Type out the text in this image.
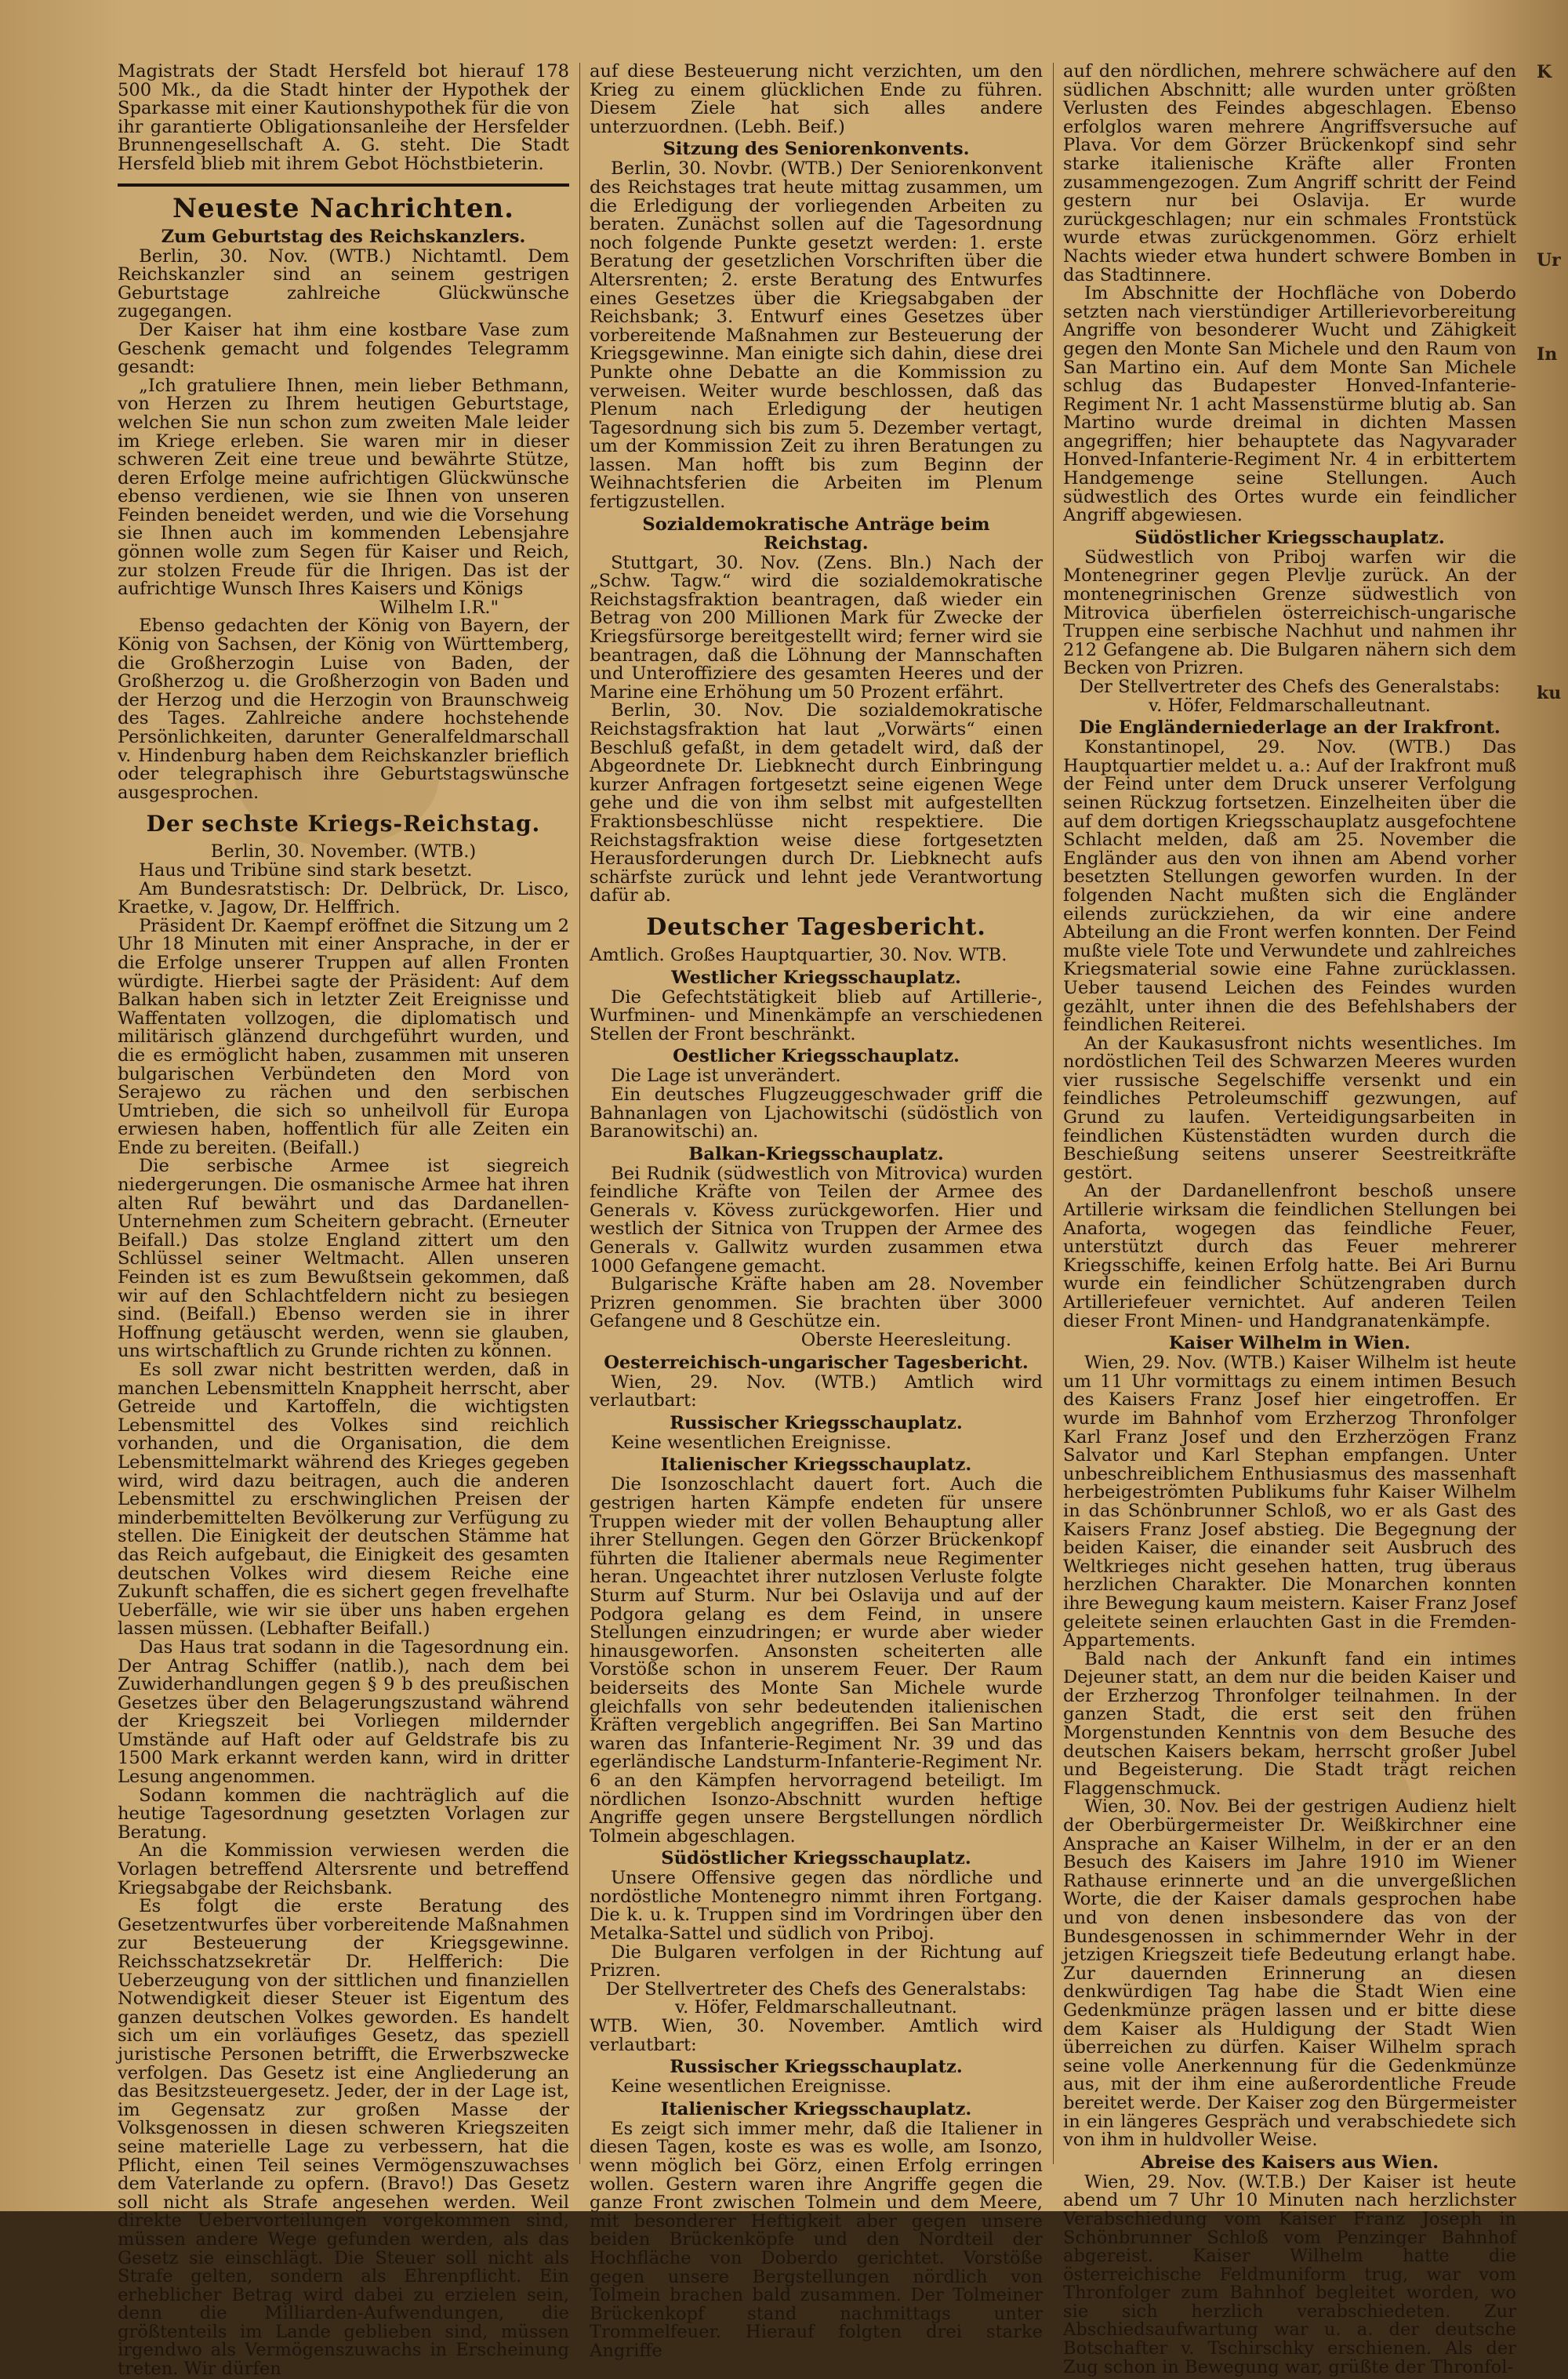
Magistrats der Stadt Hersfeld bot hierauf 178 500 Mk., da die Stadt hinter der Hypothek der Sparkasse mit einer Kautionshypothek für die von ihr garantierte Obligationsanleihe der Hersfelder Brunnengesellschaft A. G. steht. Die Stadt Hersfeld blieb mit ihrem Gebot Höchstbieterin.

Neueste Nachrichten.
Zum Geburtstag des Reichskanzlers.

Berlin, 30. Nov. (WTB.) Nichtamtl. Dem Reichskanzler sind an seinem gestrigen Geburtstage zahlreiche Glückwünsche zugegangen.

Der Kaiser hat ihm eine kostbare Vase zum Geschenk gemacht und folgendes Telegramm gesandt:

„Ich gratuliere Ihnen, mein lieber Bethmann, von Herzen zu Ihrem heutigen Geburtstage, welchen Sie nun schon zum zweiten Male leider im Kriege erleben. Sie waren mir in dieser schweren Zeit eine treue und bewährte Stütze, deren Erfolge meine aufrichtigen Glückwünsche ebenso verdienen, wie sie Ihnen von unseren Feinden beneidet werden, und wie die Vorsehung sie Ihnen auch im kommenden Lebensjahre gönnen wolle zum Segen für Kaiser und Reich, zur stolzen Freude für die Ihrigen. Das ist der aufrichtige Wunsch Ihres Kaisers und Königs

Wilhelm I.R."

Ebenso gedachten der König von Bayern, der König von Sachsen, der König von Württemberg, die Großherzogin Luise von Baden, der Großherzog u. die Großherzogin von Baden und der Herzog und die Herzogin von Braunschweig des Tages. Zahlreiche andere hochstehende Persönlichkeiten, darunter Generalfeldmarschall v. Hindenburg haben dem Reichskanzler brieflich oder telegraphisch ihre Geburtstagswünsche ausgesprochen.

Der sechste Kriegs-Reichstag.

Berlin, 30. November. (WTB.)

Haus und Tribüne sind stark besetzt.

Am Bundesratstisch: Dr. Delbrück, Dr. Lisco, Kraetke, v. Jagow, Dr. Helffrich.

Präsident Dr. Kaempf eröffnet die Sitzung um 2 Uhr 18 Minuten mit einer Ansprache, in der er die Erfolge unserer Truppen auf allen Fronten würdigte. Hierbei sagte der Präsident: Auf dem Balkan haben sich in letzter Zeit Ereignisse und Waffentaten vollzogen, die diplomatisch und militärisch glänzend durchgeführt wurden, und die es ermöglicht haben, zusammen mit unseren bulgarischen Verbündeten den Mord von Serajewo zu rächen und den serbischen Umtrieben, die sich so unheilvoll für Europa erwiesen haben, hoffentlich für alle Zeiten ein Ende zu bereiten. (Beifall.)

Die serbische Armee ist siegreich niedergerungen. Die osmanische Armee hat ihren alten Ruf bewährt und das Dardanellen-Unternehmen zum Scheitern gebracht. (Erneuter Beifall.) Das stolze England zittert um den Schlüssel seiner Weltmacht. Allen unseren Feinden ist es zum Bewußtsein gekommen, daß wir auf den Schlachtfeldern nicht zu besiegen sind. (Beifall.) Ebenso werden sie in ihrer Hoffnung getäuscht werden, wenn sie glauben, uns wirtschaftlich zu Grunde richten zu können.

Es soll zwar nicht bestritten werden, daß in manchen Lebensmitteln Knappheit herrscht, aber Getreide und Kartoffeln, die wichtigsten Lebensmittel des Volkes sind reichlich vorhanden, und die Organisation, die dem Lebensmittelmarkt während des Krieges gegeben wird, wird dazu beitragen, auch die anderen Lebensmittel zu erschwinglichen Preisen der minderbemittelten Bevölkerung zur Verfügung zu stellen. Die Einigkeit der deutschen Stämme hat das Reich aufgebaut, die Einigkeit des gesamten deutschen Volkes wird diesem Reiche eine Zukunft schaffen, die es sichert gegen frevelhafte Ueberfälle, wie wir sie über uns haben ergehen lassen müssen. (Lebhafter Beifall.)

Das Haus trat sodann in die Tagesordnung ein. Der Antrag Schiffer (natlib.), nach dem bei Zuwiderhandlungen gegen § 9 b des preußischen Gesetzes über den Belagerungszustand während der Kriegszeit bei Vorliegen mildernder Umstände auf Haft oder auf Geldstrafe bis zu 1500 Mark erkannt werden kann, wird in dritter Lesung angenommen.

Sodann kommen die nachträglich auf die heutige Tagesordnung gesetzten Vorlagen zur Beratung.

An die Kommission verwiesen werden die Vorlagen betreffend Altersrente und betreffend Kriegsabgabe der Reichsbank.

Es folgt die erste Beratung des Gesetzentwurfes über vorbereitende Maßnahmen zur Besteuerung der Kriegsgewinne. Reichsschatzsekretär Dr. Helfferich: Die Ueberzeugung von der sittlichen und finanziellen Notwendigkeit dieser Steuer ist Eigentum des ganzen deutschen Volkes geworden. Es handelt sich um ein vorläufiges Gesetz, das speziell juristische Personen betrifft, die Erwerbszwecke verfolgen. Das Gesetz ist eine Angliederung an das Besitzsteuergesetz. Jeder, der in der Lage ist, im Gegensatz zur großen Masse der Volksgenossen in diesen schweren Kriegszeiten seine materielle Lage zu verbessern, hat die Pflicht, einen Teil seines Vermögenszuwachses dem Vaterlande zu opfern. (Bravo!) Das Gesetz soll nicht als Strafe angesehen werden. Weil direkte Uebervorteilungen vorgekommen sind, müssen andere Wege gefunden werden, als das Gesetz sie einschlägt. Die Steuer soll nicht als Strafe gelten, sondern als Ehrenpflicht. Ein erheblicher Betrag wird dabei zu erzielen sein, denn die Milliarden-Aufwendungen, die größtenteils im Lande geblieben sind, müssen irgendwo als Vermögenszuwachs in Erscheinung treten. Wir dürfen

auf diese Besteuerung nicht verzichten, um den Krieg zu einem glücklichen Ende zu führen. Diesem Ziele hat sich alles andere unterzuordnen. (Lebh. Beif.)

Sitzung des Seniorenkonvents.

Berlin, 30. Novbr. (WTB.) Der Seniorenkonvent des Reichstages trat heute mittag zusammen, um die Erledigung der vorliegenden Arbeiten zu beraten. Zunächst sollen auf die Tagesordnung noch folgende Punkte gesetzt werden: 1. erste Beratung der gesetzlichen Vorschriften über die Altersrenten; 2. erste Beratung des Entwurfes eines Gesetzes über die Kriegsabgaben der Reichsbank; 3. Entwurf eines Gesetzes über vorbereitende Maßnahmen zur Besteuerung der Kriegsgewinne. Man einigte sich dahin, diese drei Punkte ohne Debatte an die Kommission zu verweisen. Weiter wurde beschlossen, daß das Plenum nach Erledigung der heutigen Tagesordnung sich bis zum 5. Dezember vertagt, um der Kommission Zeit zu ihren Beratungen zu lassen. Man hofft bis zum Beginn der Weihnachtsferien die Arbeiten im Plenum fertigzustellen.

Sozialdemokratische Anträge beim Reichstag.

Stuttgart, 30. Nov. (Zens. Bln.) Nach der „Schw. Tagw.“ wird die sozialdemokratische Reichstagsfraktion beantragen, daß wieder ein Betrag von 200 Millionen Mark für Zwecke der Kriegsfürsorge bereitgestellt wird; ferner wird sie beantragen, daß die Löhnung der Mannschaften und Unteroffiziere des gesamten Heeres und der Marine eine Erhöhung um 50 Prozent erfährt.

Berlin, 30. Nov. Die sozialdemokratische Reichstagsfraktion hat laut „Vorwärts“ einen Beschluß gefaßt, in dem getadelt wird, daß der Abgeordnete Dr. Liebknecht durch Einbringung kurzer Anfragen fortgesetzt seine eigenen Wege gehe und die von ihm selbst mit aufgestellten Fraktionsbeschlüsse nicht respektiere. Die Reichstagsfraktion weise diese fortgesetzten Herausforderungen durch Dr. Liebknecht aufs schärfste zurück und lehnt jede Verantwortung dafür ab.

Deutscher Tagesbericht.

Amtlich. Großes Hauptquartier, 30. Nov. WTB.

Westlicher Kriegsschauplatz.

Die Gefechtstätigkeit blieb auf Artillerie-, Wurfminen- und Minenkämpfe an verschiedenen Stellen der Front beschränkt.

Oestlicher Kriegsschauplatz.

Die Lage ist unverändert.

Ein deutsches Flugzeuggeschwader griff die Bahnanlagen von Ljachowitschi (südöstlich von Baranowitschi) an.

Balkan-Kriegsschauplatz.

Bei Rudnik (südwestlich von Mitrovica) wurden feindliche Kräfte von Teilen der Armee des Generals v. Kövess zurückgeworfen. Hier und westlich der Sitnica von Truppen der Armee des Generals v. Gallwitz wurden zusammen etwa 1000 Gefangene gemacht.

Bulgarische Kräfte haben am 28. November Prizren genommen. Sie brachten über 3000 Gefangene und 8 Geschütze ein.

Oberste Heeresleitung.

Oesterreichisch-ungarischer Tagesbericht.

Wien, 29. Nov. (WTB.) Amtlich wird verlautbart:

Russischer Kriegsschauplatz.

Keine wesentlichen Ereignisse.

Italienischer Kriegsschauplatz.

Die Isonzoschlacht dauert fort. Auch die gestrigen harten Kämpfe endeten für unsere Truppen wieder mit der vollen Behauptung aller ihrer Stellungen. Gegen den Görzer Brückenkopf führten die Italiener abermals neue Regimenter heran. Ungeachtet ihrer nutzlosen Verluste folgte Sturm auf Sturm. Nur bei Oslavija und auf der Podgora gelang es dem Feind, in unsere Stellungen einzudringen; er wurde aber wieder hinausgeworfen. Ansonsten scheiterten alle Vorstöße schon in unserem Feuer. Der Raum beiderseits des Monte San Michele wurde gleichfalls von sehr bedeutenden italienischen Kräften vergeblich angegriffen. Bei San Martino waren das Infanterie-Regiment Nr. 39 und das egerländische Landsturm-Infanterie-Regiment Nr. 6 an den Kämpfen hervorragend beteiligt. Im nördlichen Isonzo-Abschnitt wurden heftige Angriffe gegen unsere Bergstellungen nördlich Tolmein abgeschlagen.

Südöstlicher Kriegsschauplatz.

Unsere Offensive gegen das nördliche und nordöstliche Montenegro nimmt ihren Fortgang. Die k. u. k. Truppen sind im Vordringen über den Metalka-Sattel und südlich von Priboj.

Die Bulgaren verfolgen in der Richtung auf Prizren.

Der Stellvertreter des Chefs des Generalstabs:

v. Höfer, Feldmarschalleutnant.

WTB. Wien, 30. November. Amtlich wird verlautbart:

Russischer Kriegsschauplatz.

Keine wesentlichen Ereignisse.

Italienischer Kriegsschauplatz.

Es zeigt sich immer mehr, daß die Italiener in diesen Tagen, koste es was es wolle, am Isonzo, wenn möglich bei Görz, einen Erfolg erringen wollen. Gestern waren ihre Angriffe gegen die ganze Front zwischen Tolmein und dem Meere, mit besonderer Heftigkeit aber gegen unsere beiden Brückenköpfe und den Nordteil der Hochfläche von Doberdo gerichtet. Vorstöße gegen unsere Bergstellungen nördlich von Tolmein brachen bald zusammen. Der Tolmeiner Brückenkopf stand nachmittags unter Trommelfeuer. Hierauf folgten drei starke Angriffe

auf den nördlichen, mehrere schwächere auf den südlichen Abschnitt; alle wurden unter größten Verlusten des Feindes abgeschlagen. Ebenso erfolglos waren mehrere Angriffsversuche auf Plava. Vor dem Görzer Brückenkopf sind sehr starke italienische Kräfte aller Fronten zusammengezogen. Zum Angriff schritt der Feind gestern nur bei Oslavija. Er wurde zurückgeschlagen; nur ein schmales Frontstück wurde etwas zurückgenommen. Görz erhielt Nachts wieder etwa hundert schwere Bomben in das Stadtinnere.

Im Abschnitte der Hochfläche von Doberdo setzten nach vierstündiger Artillerievorbereitung Angriffe von besonderer Wucht und Zähigkeit gegen den Monte San Michele und den Raum von San Martino ein. Auf dem Monte San Michele schlug das Budapester Honved-Infanterie-Regiment Nr. 1 acht Massenstürme blutig ab. San Martino wurde dreimal in dichten Massen angegriffen; hier behauptete das Nagyvarader Honved-Infanterie-Regiment Nr. 4 in erbittertem Handgemenge seine Stellungen. Auch südwestlich des Ortes wurde ein feindlicher Angriff abgewiesen.

Südöstlicher Kriegsschauplatz.

Südwestlich von Priboj warfen wir die Montenegriner gegen Plevlje zurück. An der montenegrinischen Grenze südwestlich von Mitrovica überfielen österreichisch-ungarische Truppen eine serbische Nachhut und nahmen ihr 212 Gefangene ab. Die Bulgaren nähern sich dem Becken von Prizren.

Der Stellvertreter des Chefs des Generalstabs:

v. Höfer, Feldmarschalleutnant.

Die Engländerniederlage an der Irakfront.

Konstantinopel, 29. Nov. (WTB.) Das Hauptquartier meldet u. a.: Auf der Irakfront muß der Feind unter dem Druck unserer Verfolgung seinen Rückzug fortsetzen. Einzelheiten über die auf dem dortigen Kriegsschauplatz ausgefochtene Schlacht melden, daß am 25. November die Engländer aus den von ihnen am Abend vorher besetzten Stellungen geworfen wurden. In der folgenden Nacht mußten sich die Engländer eilends zurückziehen, da wir eine andere Abteilung an die Front werfen konnten. Der Feind mußte viele Tote und Verwundete und zahlreiches Kriegsmaterial sowie eine Fahne zurücklassen. Ueber tausend Leichen des Feindes wurden gezählt, unter ihnen die des Befehlshabers der feindlichen Reiterei.

An der Kaukasusfront nichts wesentliches. Im nordöstlichen Teil des Schwarzen Meeres wurden vier russische Segelschiffe versenkt und ein feindliches Petroleumschiff gezwungen, auf Grund zu laufen. Verteidigungsarbeiten in feindlichen Küstenstädten wurden durch die Beschießung seitens unserer Seestreitkräfte gestört.

An der Dardanellenfront beschoß unsere Artillerie wirksam die feindlichen Stellungen bei Anaforta, wogegen das feindliche Feuer, unterstützt durch das Feuer mehrerer Kriegsschiffe, keinen Erfolg hatte. Bei Ari Burnu wurde ein feindlicher Schützengraben durch Artilleriefeuer vernichtet. Auf anderen Teilen dieser Front Minen- und Handgranatenkämpfe.

Kaiser Wilhelm in Wien.

Wien, 29. Nov. (WTB.) Kaiser Wilhelm ist heute um 11 Uhr vormittags zu einem intimen Besuch des Kaisers Franz Josef hier eingetroffen. Er wurde im Bahnhof vom Erzherzog Thronfolger Karl Franz Josef und den Erzherzögen Franz Salvator und Karl Stephan empfangen. Unter unbeschreiblichem Enthusiasmus des massenhaft herbeigeströmten Publikums fuhr Kaiser Wilhelm in das Schönbrunner Schloß, wo er als Gast des Kaisers Franz Josef abstieg. Die Begegnung der beiden Kaiser, die einander seit Ausbruch des Weltkrieges nicht gesehen hatten, trug überaus herzlichen Charakter. Die Monarchen konnten ihre Bewegung kaum meistern. Kaiser Franz Josef geleitete seinen erlauchten Gast in die Fremden-Appartements.

Bald nach der Ankunft fand ein intimes Dejeuner statt, an dem nur die beiden Kaiser und der Erzherzog Thronfolger teilnahmen. In der ganzen Stadt, die erst seit den frühen Morgenstunden Kenntnis von dem Besuche des deutschen Kaisers bekam, herrscht großer Jubel und Begeisterung. Die Stadt trägt reichen Flaggenschmuck.

Wien, 30. Nov. Bei der gestrigen Audienz hielt der Oberbürgermeister Dr. Weißkirchner eine Ansprache an Kaiser Wilhelm, in der er an den Besuch des Kaisers im Jahre 1910 im Wiener Rathause erinnerte und an die unvergeßlichen Worte, die der Kaiser damals gesprochen habe und von denen insbesondere das von der Bundesgenossen in schimmernder Wehr in der jetzigen Kriegszeit tiefe Bedeutung erlangt habe. Zur dauernden Erinnerung an diesen denkwürdigen Tag habe die Stadt Wien eine Gedenkmünze prägen lassen und er bitte diese dem Kaiser als Huldigung der Stadt Wien überreichen zu dürfen. Kaiser Wilhelm sprach seine volle Anerkennung für die Gedenkmünze aus, mit der ihm eine außerordentliche Freude bereitet werde. Der Kaiser zog den Bürgermeister in ein längeres Gespräch und verabschiedete sich von ihm in huldvoller Weise.

Abreise des Kaisers aus Wien.

Wien, 29. Nov. (W.T.B.) Der Kaiser ist heute abend um 7 Uhr 10 Minuten nach herzlichster Verabschiedung vom Kaiser Franz Joseph in Schönbrunner Schloß vom Penzinger Bahnhof abgereist. Kaiser Wilhelm hatte die österreichische Feldmuniform trug, war vom Thronfolger zum Bahnhof begleitet worden, wo sie sich herzlich verabschiedeten. Zur Abschiedsaufwartung war u. a. der deutsche Botschafter v. Tschirschky erschienen. Als der Zug schon in Bewegung war, grüßte der Thronfol-

K
Ur
In
ku
